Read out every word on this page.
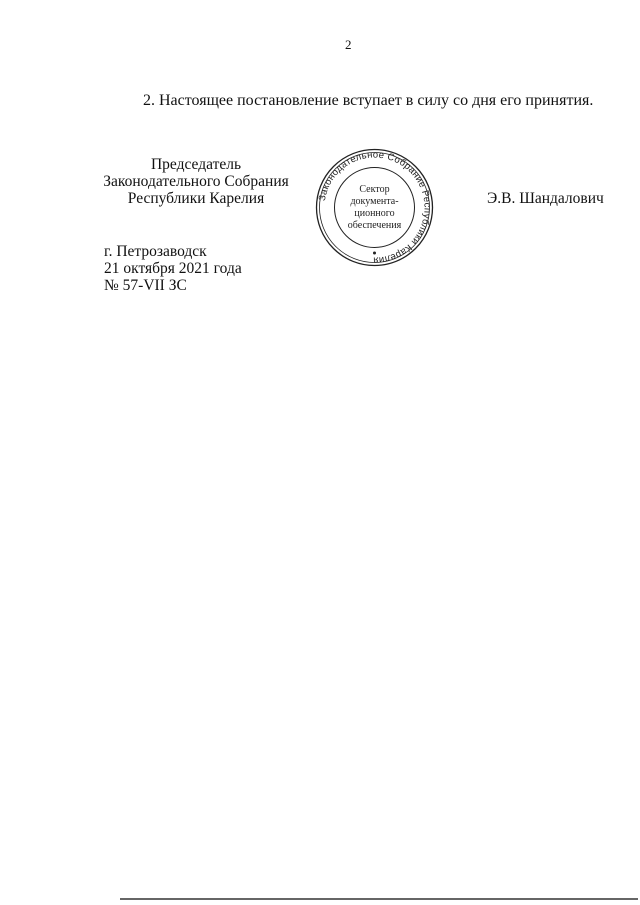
2
2. Настоящее постановление вступает в силу со дня его принятия.
Председатель
Законодательного Собрания
Республики Карелия	Законодательное Собрание Республики Карелия
Сектор
документа-
ционного
обеспечения
Э.В. Шандалович
г. Петрозаводск
21 октября 2021 года
№ 57-VII ЗС
